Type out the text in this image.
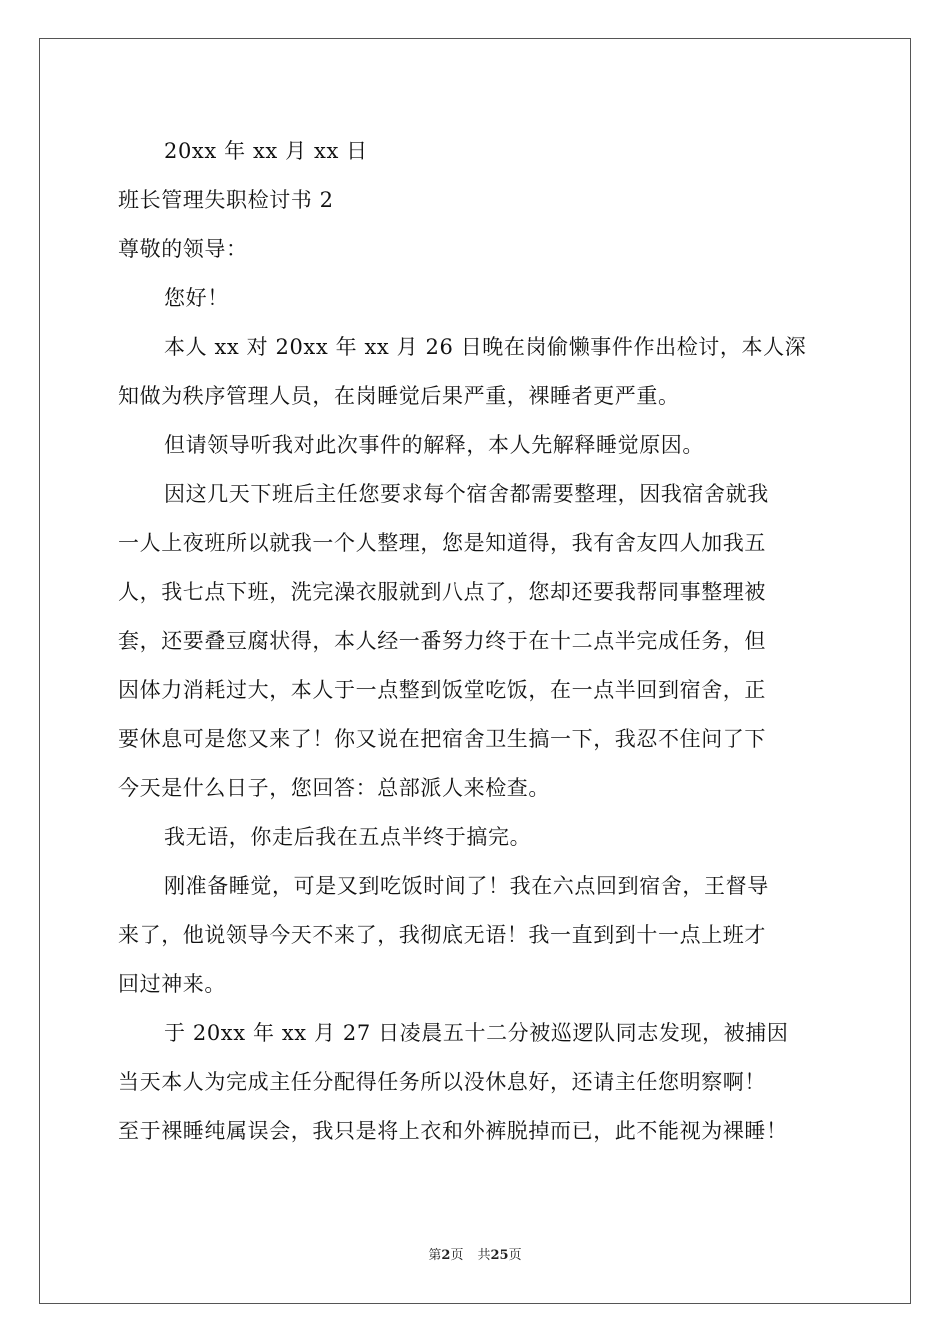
20xx 年 xx 月 xx 日
班长管理失职检讨书 2
尊敬的领导：
您好！
本人 xx 对 20xx 年 xx 月 26 日晚在岗偷懒事件作出检讨，本人深
知做为秩序管理人员，在岗睡觉后果严重，裸睡者更严重。
但请领导听我对此次事件的解释，本人先解释睡觉原因。
因这几天下班后主任您要求每个宿舍都需要整理，因我宿舍就我
一人上夜班所以就我一个人整理，您是知道得，我有舍友四人加我五
人，我七点下班，洗完澡衣服就到八点了，您却还要我帮同事整理被
套，还要叠豆腐状得，本人经一番努力终于在十二点半完成任务，但
因体力消耗过大，本人于一点整到饭堂吃饭，在一点半回到宿舍，正
要休息可是您又来了！你又说在把宿舍卫生搞一下，我忍不住问了下
今天是什么日子，您回答：总部派人来检查。
我无语，你走后我在五点半终于搞完。
刚准备睡觉，可是又到吃饭时间了！我在六点回到宿舍，王督导
来了，他说领导今天不来了，我彻底无语！我一直到到十一点上班才
回过神来。
于 20xx 年 xx 月 27 日凌晨五十二分被巡逻队同志发现，被捕因
当天本人为完成主任分配得任务所以没休息好，还请主任您明察啊！
至于裸睡纯属误会，我只是将上衣和外裤脱掉而已，此不能视为裸睡！
第2页 共25页
